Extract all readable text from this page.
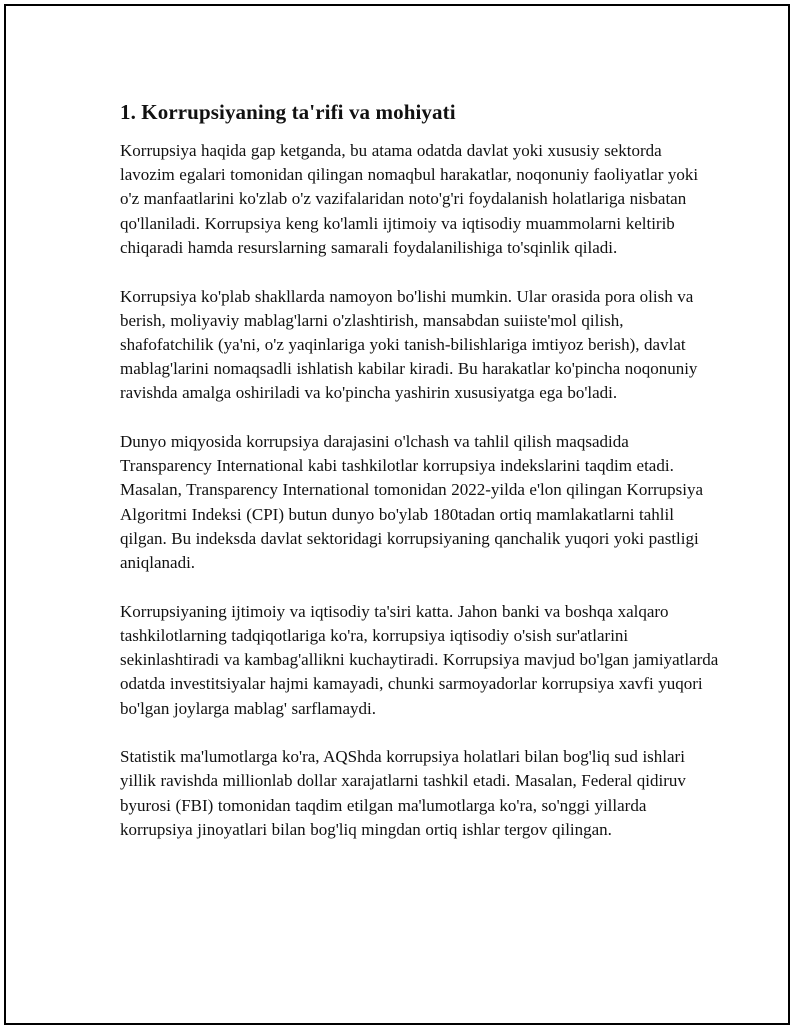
1. Korrupsiyaning ta'rifi va mohiyati

Korrupsiya haqida gap ketganda, bu atama odatda davlat yoki xususiy sektorda lavozim egalari tomonidan qilingan nomaqbul harakatlar, noqonuniy faoliyatlar yoki o'z manfaatlarini ko'zlab o'z vazifalaridan noto'g'ri foydalanish holatlariga nisbatan qo'llaniladi. Korrupsiya keng ko'lamli ijtimoiy va iqtisodiy muammolarni keltirib chiqaradi hamda resurslarning samarali foydalanilishiga to'sqinlik qiladi.

Korrupsiya ko'plab shakllarda namoyon bo'lishi mumkin. Ular orasida pora olish va berish, moliyaviy mablag'larni o'zlashtirish, mansabdan suiiste'mol qilish, shafofatchilik (ya'ni, o'z yaqinlariga yoki tanish-bilishlariga imtiyoz berish), davlat mablag'larini nomaqsadli ishlatish kabilar kiradi. Bu harakatlar ko'pincha noqonuniy ravishda amalga oshiriladi va ko'pincha yashirin xususiyatga ega bo'ladi.

Dunyo miqyosida korrupsiya darajasini o'lchash va tahlil qilish maqsadida Transparency International kabi tashkilotlar korrupsiya indekslarini taqdim etadi. Masalan, Transparency International tomonidan 2022-yilda e'lon qilingan Korrupsiya Algoritmi Indeksi (CPI) butun dunyo bo'ylab 180tadan ortiq mamlakatlarni tahlil qilgan. Bu indeksda davlat sektoridagi korrupsiyaning qanchalik yuqori yoki pastligi aniqlanadi.

Korrupsiyaning ijtimoiy va iqtisodiy ta'siri katta. Jahon banki va boshqa xalqaro tashkilotlarning tadqiqotlariga ko'ra, korrupsiya iqtisodiy o'sish sur'atlarini sekinlashtiradi va kambag'allikni kuchaytiradi. Korrupsiya mavjud bo'lgan jamiyatlarda odatda investitsiyalar hajmi kamayadi, chunki sarmoyadorlar korrupsiya xavfi yuqori bo'lgan joylarga mablag' sarflamaydi.

Statistik ma'lumotlarga ko'ra, AQShda korrupsiya holatlari bilan bog'liq sud ishlari yillik ravishda millionlab dollar xarajatlarni tashkil etadi. Masalan, Federal qidiruv byurosi (FBI) tomonidan taqdim etilgan ma'lumotlarga ko'ra, so'nggi yillarda korrupsiya jinoyatlari bilan bog'liq mingdan ortiq ishlar tergov qilingan.
